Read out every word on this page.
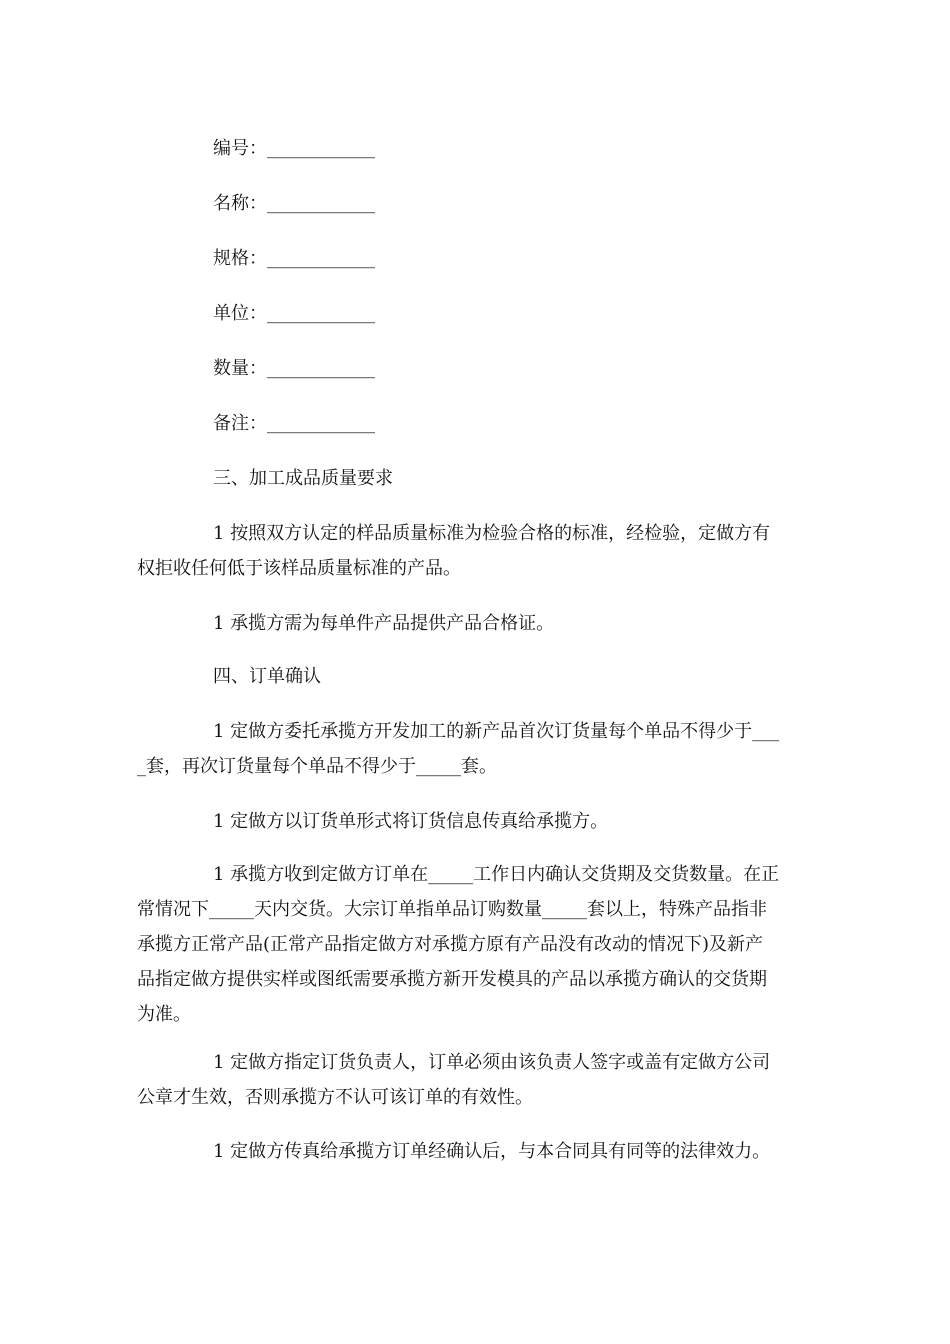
编号：____________
名称：____________
规格：____________
单位：____________
数量：____________
备注：____________
三、加工成品质量要求
1 按照双方认定的样品质量标准为检验合格的标准，经检验，定做方有
权拒收任何低于该样品质量标准的产品。
1 承揽方需为每单件产品提供产品合格证。
四、订单确认
1 定做方委托承揽方开发加工的新产品首次订货量每个单品不得少于___
_套，再次订货量每个单品不得少于_____套。
1 定做方以订货单形式将订货信息传真给承揽方。
1 承揽方收到定做方订单在_____工作日内确认交货期及交货数量。在正
常情况下_____天内交货。大宗订单指单品订购数量_____套以上，特殊产品指非
承揽方正常产品(正常产品指定做方对承揽方原有产品没有改动的情况下)及新产
品指定做方提供实样或图纸需要承揽方新开发模具的产品以承揽方确认的交货期
为准。
1 定做方指定订货负责人，订单必须由该负责人签字或盖有定做方公司
公章才生效，否则承揽方不认可该订单的有效性。
1 定做方传真给承揽方订单经确认后，与本合同具有同等的法律效力。
